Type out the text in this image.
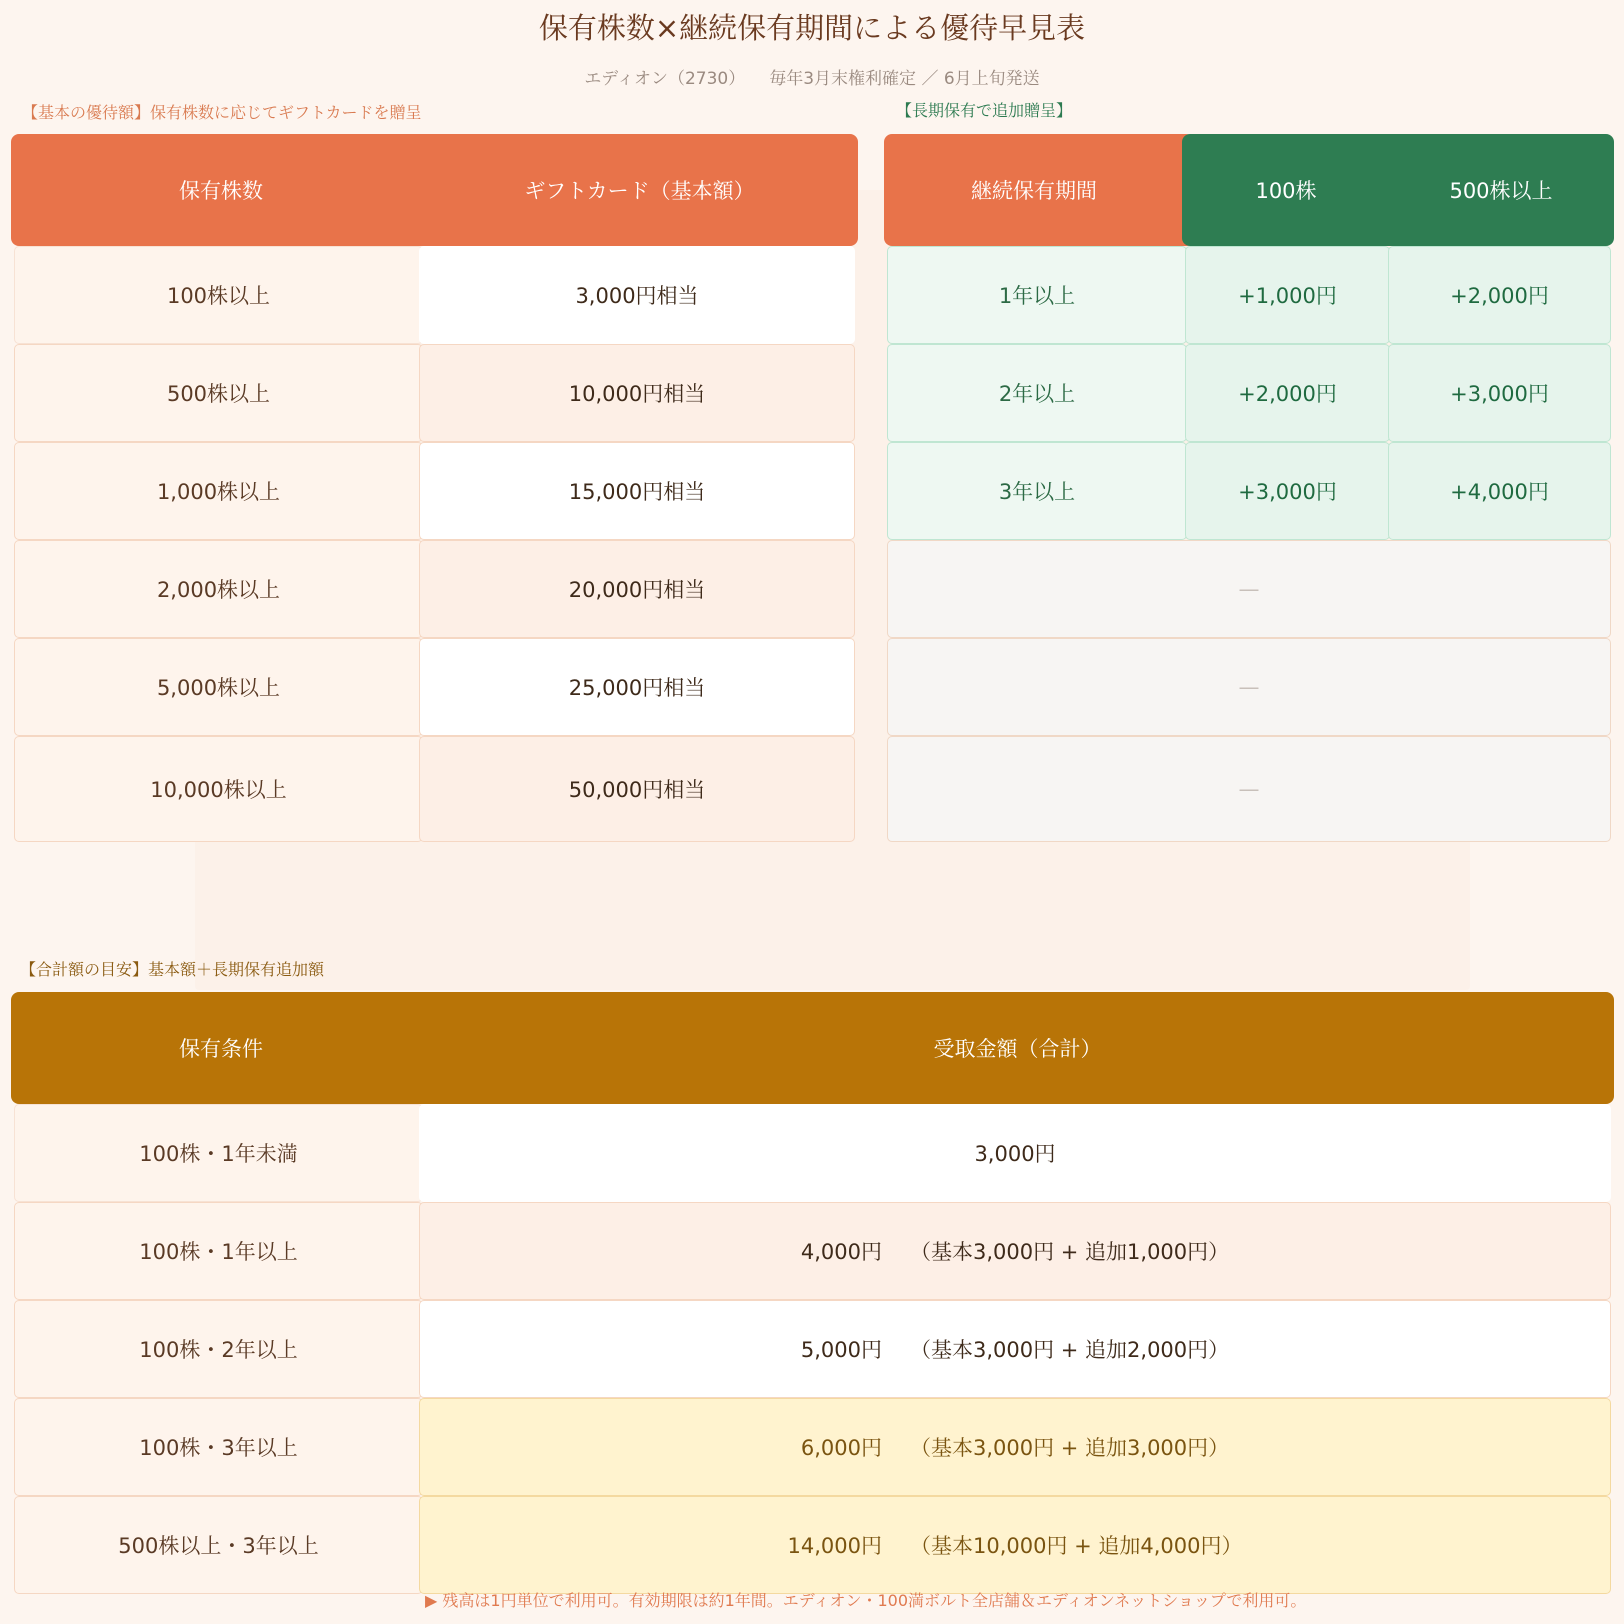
保有株数×継続保有期間による優待早見表
エディオン（2730） 毎年3月末権利確定 ／ 6月上旬発送
【基本の優待額】保有株数に応じてギフトカードを贈呈
保有株数	ギフトカード（基本額）
100株以上	3,000円相当
500株以上	10,000円相当
1,000株以上	15,000円相当
2,000株以上	20,000円相当
5,000株以上	25,000円相当
10,000株以上	50,000円相当
【長期保有で追加贈呈】
継続保有期間	100株	500株以上
1年以上	+1,000円	+2,000円
2年以上	+2,000円	+3,000円
3年以上	+3,000円	+4,000円
—
—
—
【合計額の目安】基本額＋長期保有追加額
保有条件	受取金額（合計）
100株・1年未満	3,000円
100株・1年以上	4,000円 （基本3,000円 + 追加1,000円）
100株・2年以上	5,000円 （基本3,000円 + 追加2,000円）
100株・3年以上	6,000円 （基本3,000円 + 追加3,000円）
500株以上・3年以上	14,000円 （基本10,000円 + 追加4,000円）
▶ 残高は1円単位で利用可。有効期限は約1年間。エディオン・100満ボルト全店舗＆エディオンネットショップで利用可。
